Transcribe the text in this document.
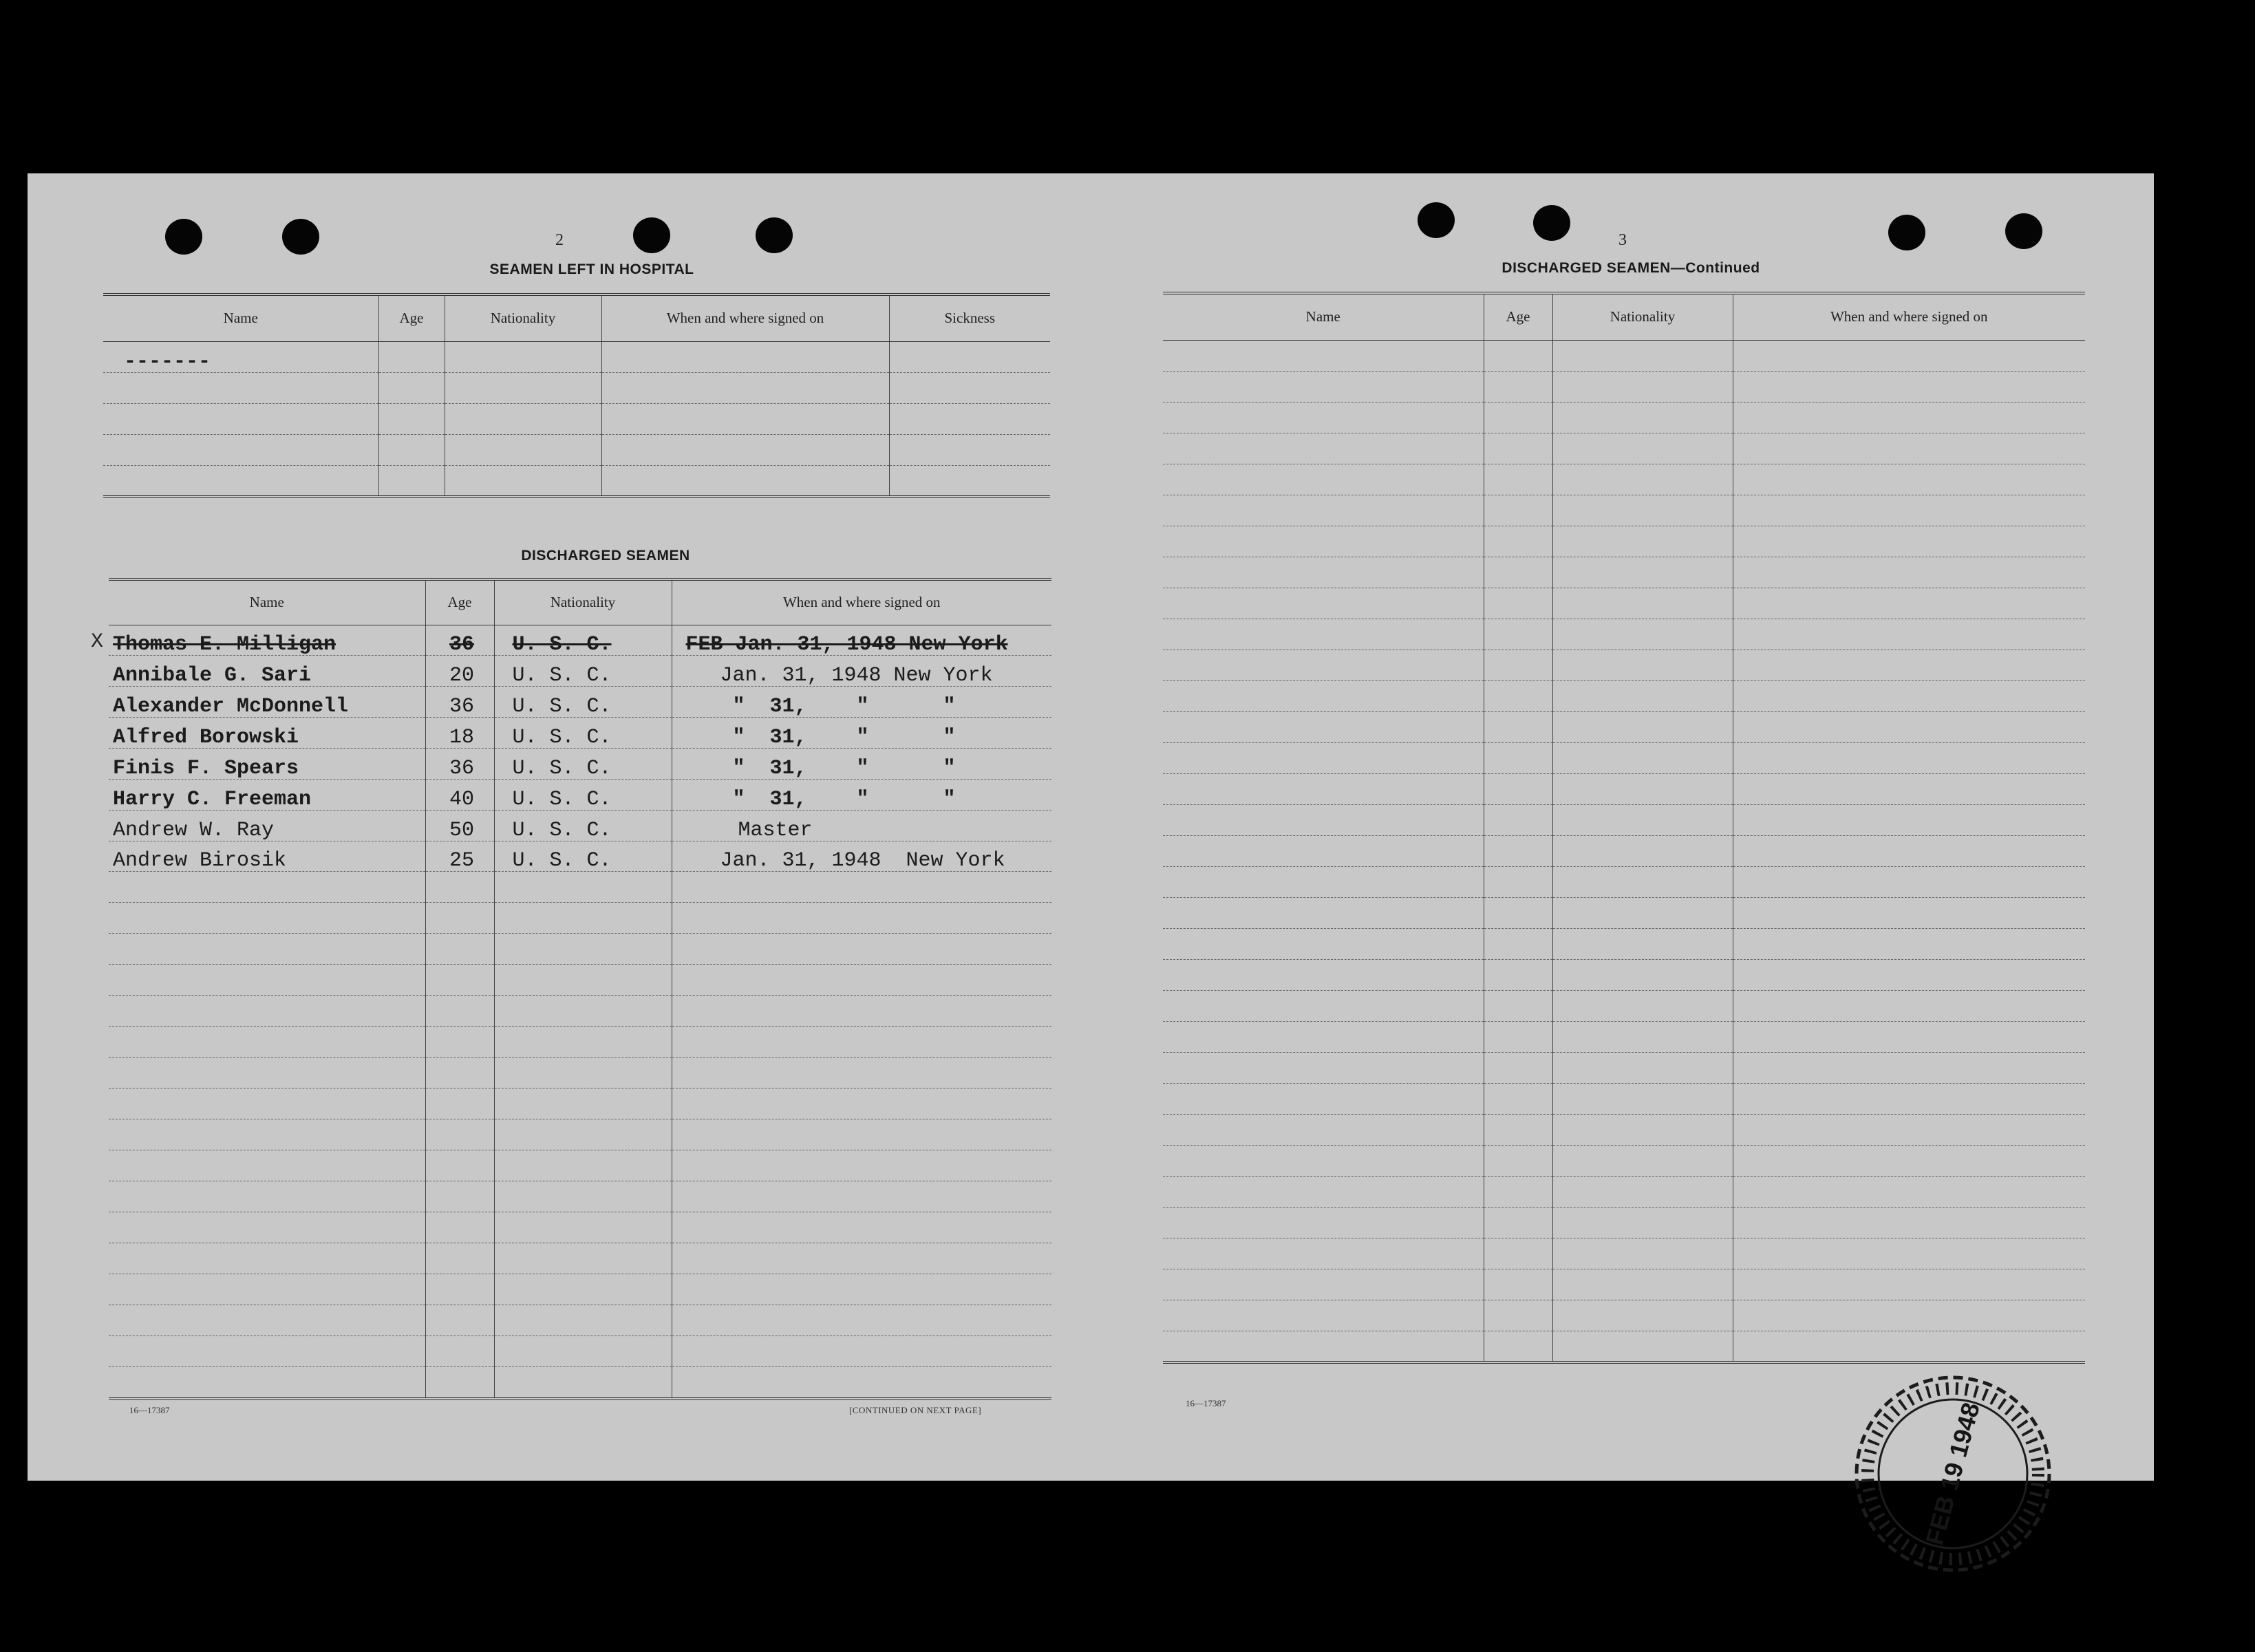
2
SEAMEN LEFT IN HOSPITAL
Name	Age	Nationality	When and where signed on	Sickness
-------				

DISCHARGED SEAMEN
Name	Age	Nationality	When and where signed on
Thomas E. Milligan	36	U. S. C.	FEB Jan. 31, 1948 New York
Annibale G. Sari	20	U. S. C.	Jan. 31, 1948 New York
Alexander McDonnell	36	U. S. C.	"  31,    "      "
Alfred Borowski	18	U. S. C.	"  31,    "      "
Finis F. Spears	36	U. S. C.	"  31,    "      "
Harry C. Freeman	40	U. S. C.	"  31,    "      "
Andrew W. Ray	50	U. S. C.	Master
Andrew Birosik	25	U. S. C.	Jan. 31, 1948  New York

X
16—17387	[CONTINUED ON NEXT PAGE]
3
DISCHARGED SEAMEN—Continued
Name	Age	Nationality	When and where signed on

16—17387	FEB 19 1948
